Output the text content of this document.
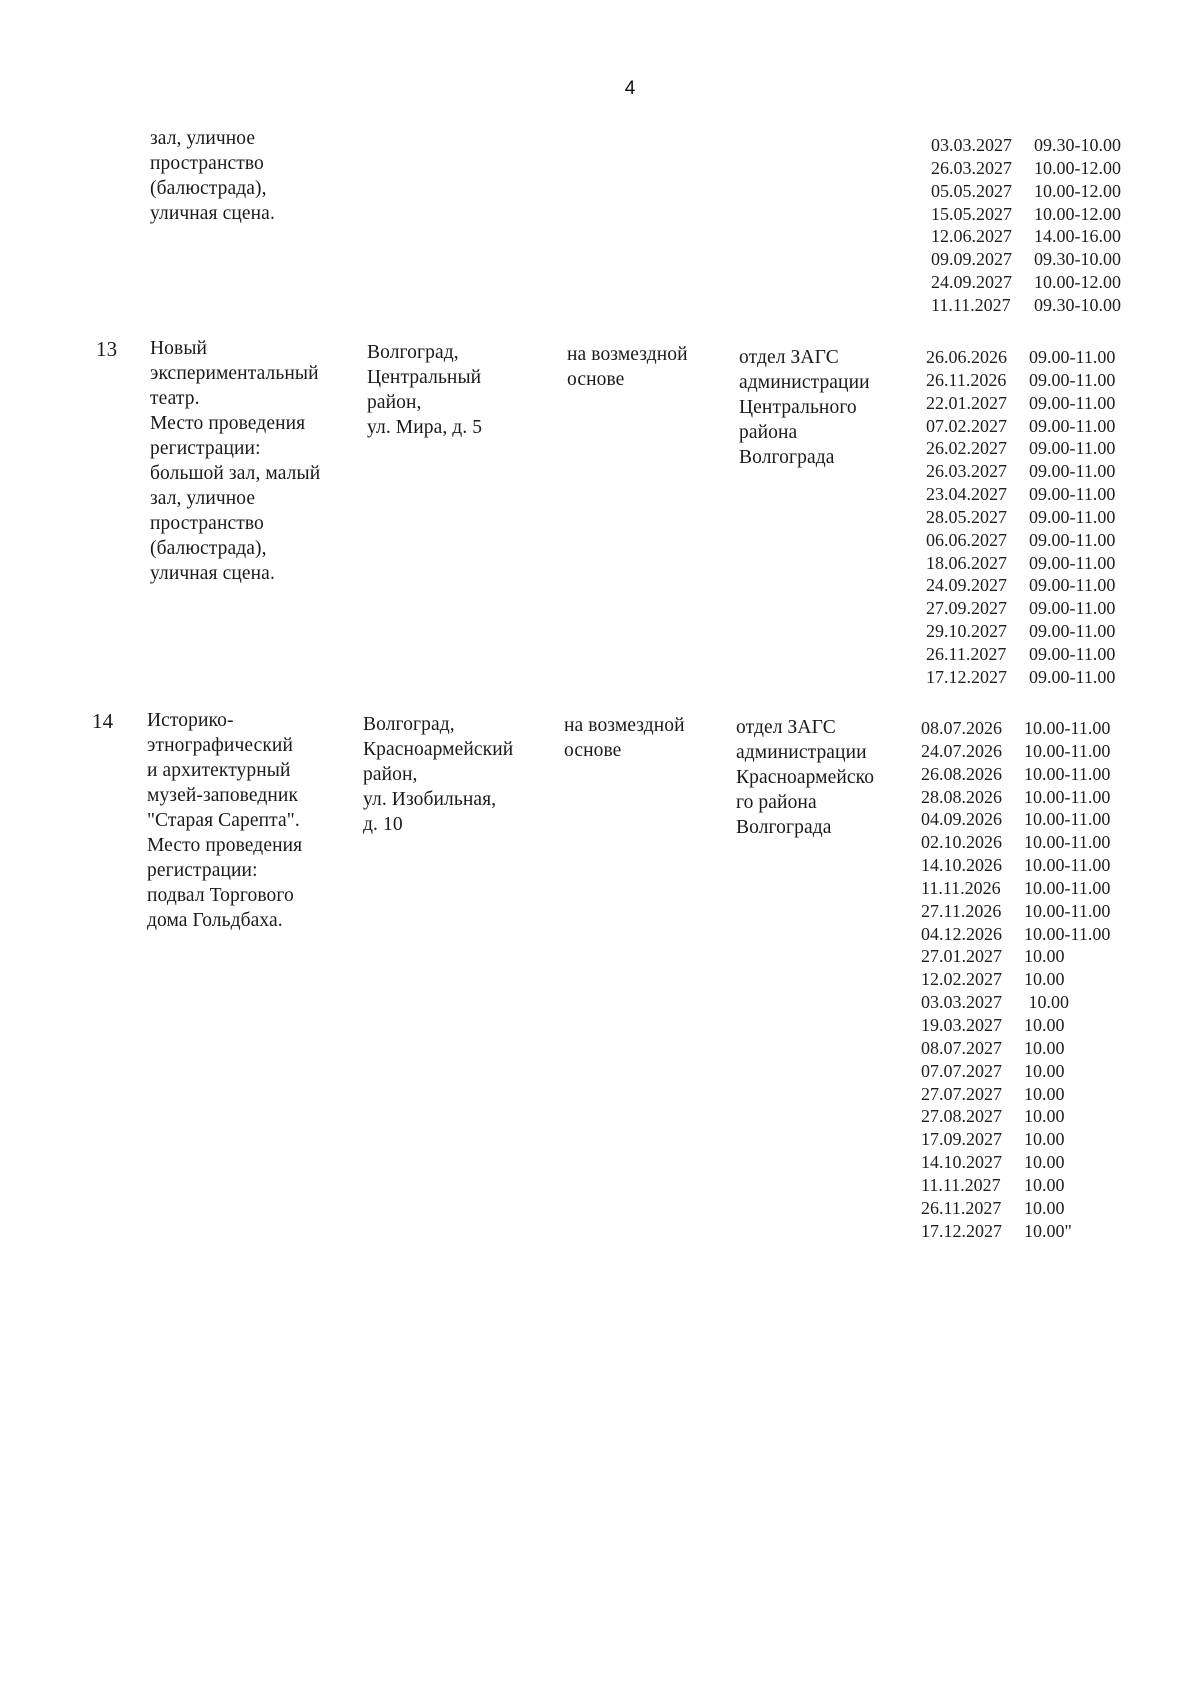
4
зал, уличное
пространство
(балюстрада),
уличная сцена.
03.03.2027 09.30-10.00
26.03.2027 10.00-12.00
05.05.2027 10.00-12.00
15.05.2027 10.00-12.00
12.06.2027 14.00-16.00
09.09.2027 09.30-10.00
24.09.2027 10.00-12.00
11.11.2027 09.30-10.00
13 Новый
экспериментальный
театр.
Место проведения
регистрации:
большой зал, малый
зал, уличное
пространство
(балюстрада),
уличная сцена.
Волгоград,
Центральный
район,
ул. Мира, д. 5
на возмездной
основе
отдел ЗАГС
администрации
Центрального
района
Волгограда
26.06.2026 09.00-11.00
26.11.2026 09.00-11.00
22.01.2027 09.00-11.00
07.02.2027 09.00-11.00
26.02.2027 09.00-11.00
26.03.2027 09.00-11.00
23.04.2027 09.00-11.00
28.05.2027 09.00-11.00
06.06.2027 09.00-11.00
18.06.2027 09.00-11.00
24.09.2027 09.00-11.00
27.09.2027 09.00-11.00
29.10.2027 09.00-11.00
26.11.2027 09.00-11.00
17.12.2027 09.00-11.00
14 Историко-
этнографический
и архитектурный
музей-заповедник
"Старая Сарепта".
Место проведения
регистрации:
подвал Торгового
дома Гольдбаха.
Волгоград,
Красноармейский
район,
ул. Изобильная,
д. 10
на возмездной
основе
отдел ЗАГС
администрации
Красноармейско
го района
Волгограда
08.07.2026 10.00-11.00
24.07.2026 10.00-11.00
26.08.2026 10.00-11.00
28.08.2026 10.00-11.00
04.09.2026 10.00-11.00
02.10.2026 10.00-11.00
14.10.2026 10.00-11.00
11.11.2026 10.00-11.00
27.11.2026 10.00-11.00
04.12.2026 10.00-11.00
27.01.2027 10.00
12.02.2027 10.00
03.03.2027 10.00
19.03.2027 10.00
08.07.2027 10.00
07.07.2027 10.00
27.07.2027 10.00
27.08.2027 10.00
17.09.2027 10.00
14.10.2027 10.00
11.11.2027 10.00
26.11.2027 10.00
17.12.2027 10.00"
